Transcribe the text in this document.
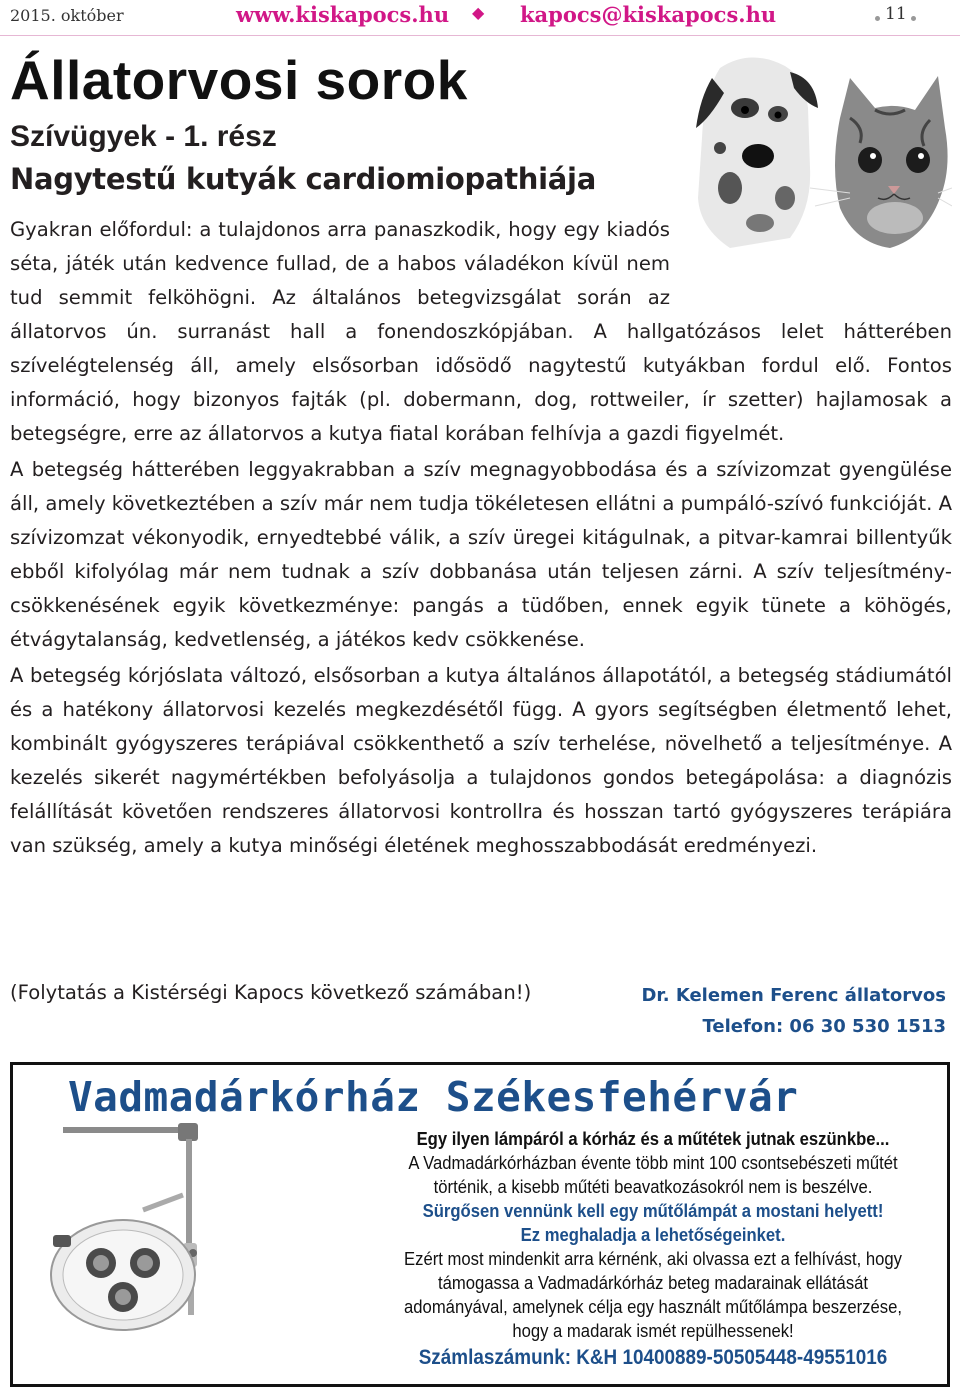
2015. október	www.kiskapocs.hu ◆ kapocs@kiskapocs.hu	11
Állatorvosi sorok
Szívügyek - 1. rész
Nagytestű kutyák cardiomiopathiája

Gyakran előfordul: a tulajdonos arra panaszkodik, hogy egy kiadós séta, játék után kedvence fullad, de a habos váladékon kívül nem tud semmit felköhögni. Az általános betegvizsgálat során az állatorvos ún. surranást hall a fonendoszkópjában. A hallgatózásos lelet hátterében szívelégtelenség áll, amely elsősorban idősödő nagytestű kutyákban fordul elő. Fontos információ, hogy bizonyos fajták (pl. dobermann, dog, rottweiler, ír szetter) hajlamosak a betegségre, erre az állatorvos a kutya fiatal korában felhívja a gazdi figyelmét.

A betegség hátterében leggyakrabban a szív megnagyobbodása és a szívizomzat gyengülése áll, amely következtében a szív már nem tudja tökéletesen ellátni a pumpáló-szívó funkcióját. A szívizomzat vékonyodik, ernyedtebbé válik, a szív üregei kitágulnak, a pitvar-kamrai billentyűk ebből kifolyólag már nem tudnak a szív dobbanása után teljesen zárni. A szív teljesítmény-csökkenésének egyik következménye: pangás a tüdőben, ennek egyik tünete a köhögés, étvágytalanság, kedvetlenség, a játékos kedv csökkenése.

A betegség kórjóslata változó, elsősorban a kutya általános állapotától, a betegség stádiumától és a hatékony állatorvosi kezelés megkezdésétől függ. A gyors segítségben életmentő lehet, kombinált gyógyszeres terápiával csökkenthető a szív terhelése, növelhető a teljesítménye. A kezelés sikerét nagymértékben befolyásolja a tulajdonos gondos betegápolása: a diagnózis felállítását követően rendszeres állatorvosi kontrollra és hosszan tartó gyógyszeres terápiára van szükség, amely a kutya minőségi életének meghosszabbodását eredményezi.

(Folytatás a Kistérségi Kapocs következő számában!)	Dr. Kelemen Ferenc állatorvos
Telefon: 06 30 530 1513
Vadmadárkórház Székesfehérvár
Egy ilyen lámpáról a kórház és a műtétek jutnak eszünkbe...
A Vadmadárkórházban évente több mint 100 csontsebészeti műtét
történik, a kisebb műtéti beavatkozásokról nem is beszélve.
Sürgősen vennünk kell egy műtőlámpát a mostani helyett!
Ez meghaladja a lehetőségeinket.
Ezért most mindenkit arra kérnénk, aki olvassa ezt a felhívást, hogy
támogassa a Vadmadárkórház beteg madarainak ellátását
adományával, amelynek célja egy használt műtőlámpa beszerzése,
hogy a madarak ismét repülhessenek!
Számlaszámunk: K&H 10400889-50505448-49551016
